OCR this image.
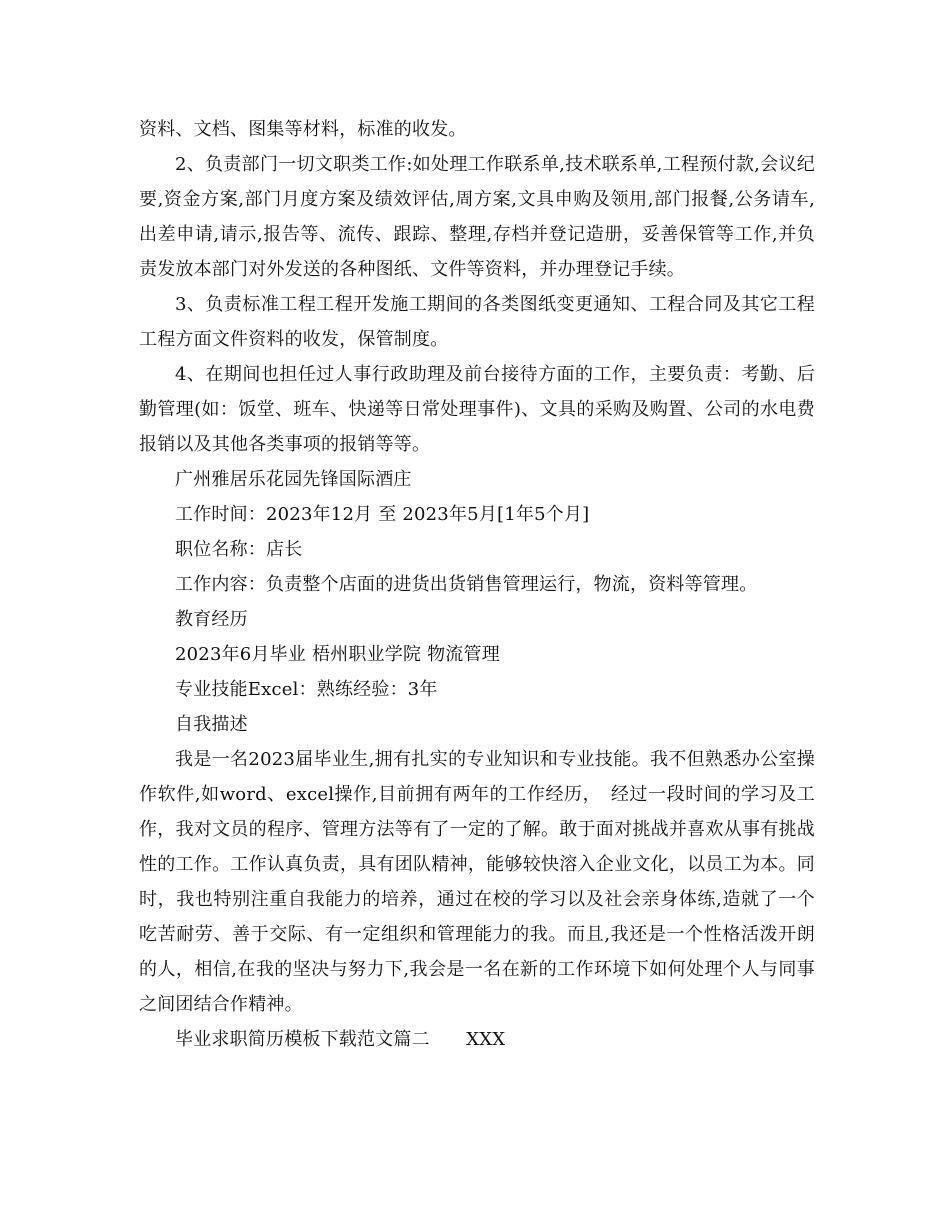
资料、文档、图集等材料，标准的收发。

2、负责部门一切文职类工作:如处理工作联系单,技术联系单,工程预付款,会议纪要,资金方案,部门月度方案及绩效评估,周方案,文具申购及领用,部门报餐,公务请车,出差申请,请示,报告等、流传、跟踪、整理,存档并登记造册，妥善保管等工作,并负责发放本部门对外发送的各种图纸、文件等资料，并办理登记手续。

3、负责标准工程工程开发施工期间的各类图纸变更通知、工程合同及其它工程工程方面文件资料的收发，保管制度。

4、在期间也担任过人事行政助理及前台接待方面的工作，主要负责：考勤、后勤管理(如：饭堂、班车、快递等日常处理事件)、文具的采购及购置、公司的水电费报销以及其他各类事项的报销等等。

广州雅居乐花园先锋国际酒庄

工作时间：2023年12月 至 2023年5月[1年5个月]

职位名称：店长

工作内容：负责整个店面的进货出货销售管理运行，物流，资料等管理。

教育经历

2023年6月毕业 梧州职业学院 物流管理

专业技能Excel：熟练经验：3年

自我描述

我是一名2023届毕业生,拥有扎实的专业知识和专业技能。我不但熟悉办公室操作软件,如word、excel操作,目前拥有两年的工作经历，　经过一段时间的学习及工作，我对文员的程序、管理方法等有了一定的了解。敢于面对挑战并喜欢从事有挑战性的工作。工作认真负责，具有团队精神，能够较快溶入企业文化，以员工为本。同时，我也特别注重自我能力的培养，通过在校的学习以及社会亲身体练,造就了一个吃苦耐劳、善于交际、有一定组织和管理能力的我。而且,我还是一个性格活泼开朗的人，相信,在我的坚决与努力下,我会是一名在新的工作环境下如何处理个人与同事之间团结合作精神。

毕业求职简历模板下载范文篇二　　XXX
